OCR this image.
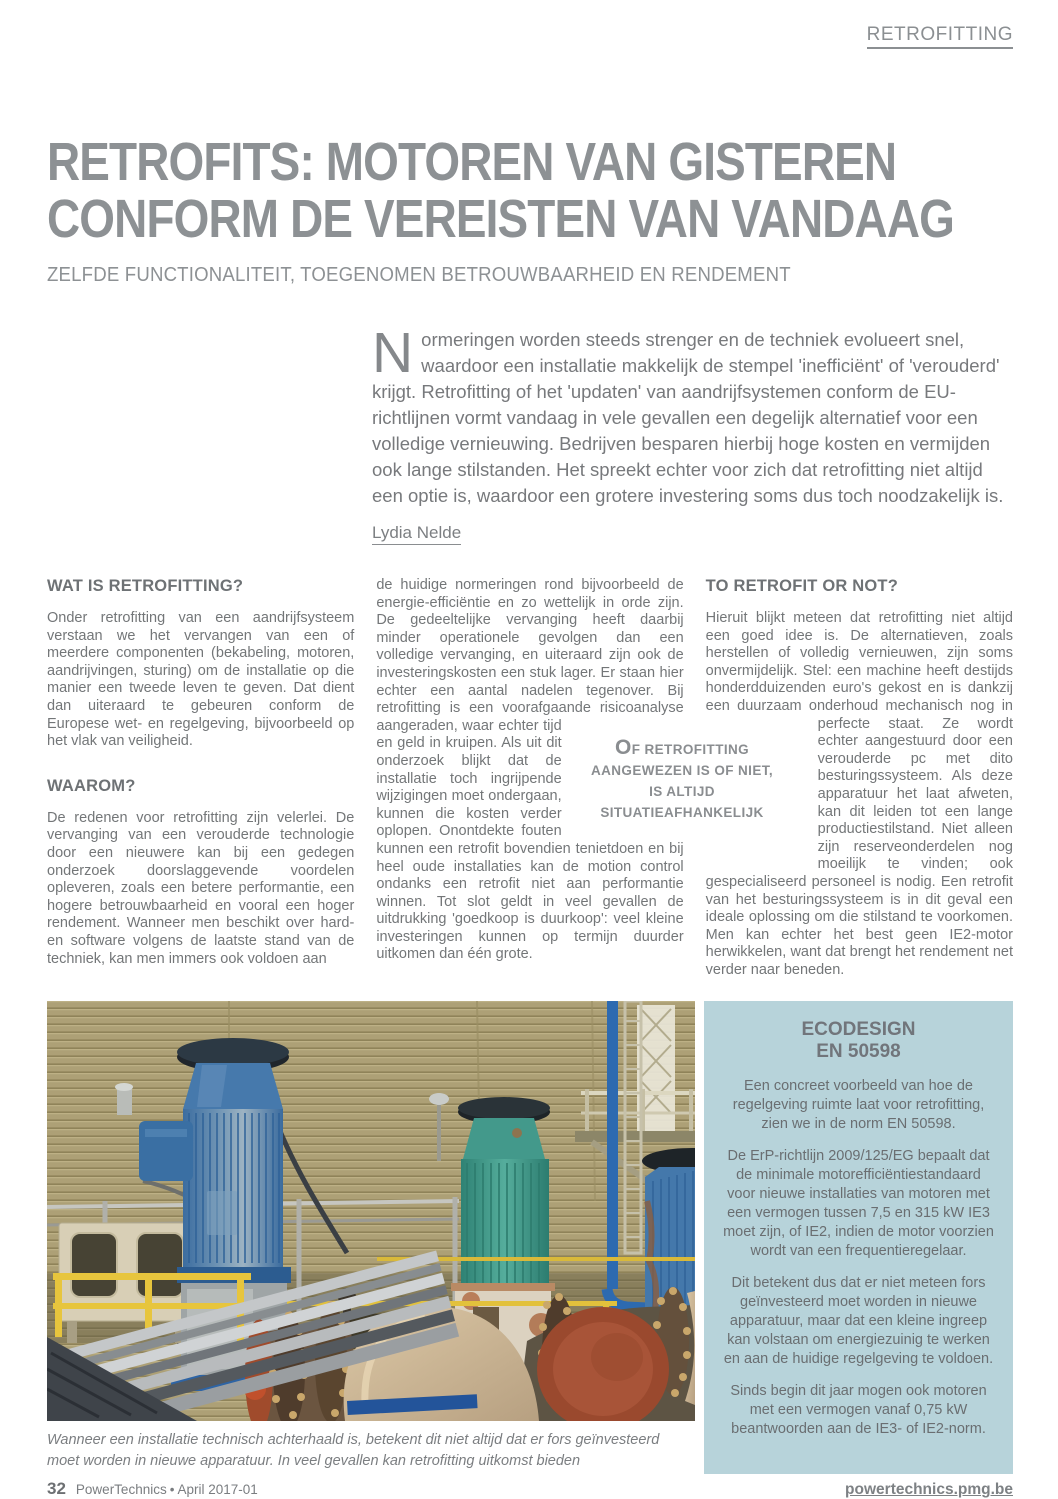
RETROFITTING
RETROFITS: MOTOREN VAN GISTEREN
CONFORM DE VEREISTEN VAN VANDAAG
ZELFDE FUNCTIONALITEIT, TOEGENOMEN BETROUWBAARHEID EN RENDEMENT
N ormeringen worden steeds strenger en de techniek evolueert snel, waardoor een installatie makkelijk de stempel 'inefficiënt' of 'verouderd' krijgt. Retrofitting of het 'updaten' van aandrijfsystemen conform de EU-richtlijnen vormt vandaag in vele gevallen een degelijk alternatief voor een volledige vernieuwing. Bedrijven besparen hierbij hoge kosten en vermijden ook lange stilstanden. Het spreekt echter voor zich dat retrofitting niet altijd een optie is, waardoor een grotere investering soms dus toch noodzakelijk is.
Lydia Nelde
WAT IS RETROFITTING?

Onder retrofitting van een aandrijfsysteem verstaan we het vervangen van een of meerdere componenten (bekabeling, motoren, aandrijvingen, sturing) om de installatie op die manier een tweede leven te geven. Dat dient dan uiteraard te gebeuren conform de Europese wet- en regelgeving, bijvoorbeeld op het vlak van veiligheid.

WAAROM?

De redenen voor retrofitting zijn velerlei. De vervanging van een verouderde technologie door een nieuwere kan bij een gedegen onderzoek doorslaggevende voordelen opleveren, zoals een betere performantie, een hogere betrouwbaarheid en vooral een hoger rendement. Wanneer men beschikt over hard- en software volgens de laatste stand van de techniek, kan men immers ook voldoen aan

de huidige normeringen rond bijvoorbeeld de energie-efficiëntie en zo wettelijk in orde zijn. De gedeeltelijke vervanging heeft daarbij minder operationele gevolgen dan een volledige vervanging, en uiteraard zijn ook de investeringskosten een stuk lager. Er staan hier echter een aantal nadelen tegenover. Bij retrofitting is een voorafgaande risicoanalyse
aangeraden, waar echter tijd en geld in kruipen. Als uit dit onderzoek blijkt dat de installatie toch ingrijpende wijzigingen moet ondergaan, kunnen die kosten verder oplopen. Onontdekte fouten kunnen een retrofit bovendien tenietdoen en bij heel oude installaties kan de motion control ondanks een retrofit niet aan performantie winnen. Tot slot geldt in veel gevallen de uitdrukking 'goedkoop is duurkoop': veel kleine investeringen kunnen op termijn duurder uitkomen dan één grote.

TO RETROFIT OR NOT?

Hieruit blijkt meteen dat retrofitting niet altijd een goed idee is. De alternatieven, zoals herstellen of volledig vernieuwen, zijn soms onvermijdelijk. Stel: een machine heeft destijds honderdduizenden euro's gekost en is dankzij een duurzaam onderhoud mechanisch nog in
perfecte staat. Ze wordt echter aangestuurd door een verouderde pc met dito besturingssysteem. Als deze apparatuur het laat afweten, kan dit leiden tot een lange productiestilstand. Niet alleen zijn reserveonderdelen nog moeilijk te vinden; ook gespecialiseerd personeel is nodig. Een retrofit van het besturingssysteem is in dit geval een ideale oplossing om die stilstand te voorkomen. Men kan echter het best geen IE2-motor herwikkelen, want dat brengt het rendement net verder naar beneden.

OF RETROFITTING
AANGEWEZEN IS OF NIET,
IS ALTIJD
SITUATIEAFHANKELIJK
Wanneer een installatie technisch achterhaald is, betekent dit niet altijd dat er fors geïnvesteerd moet worden in nieuwe apparatuur. In veel gevallen kan retrofitting uitkomst bieden
ECODESIGN
EN 50598

Een concreet voorbeeld van hoe de regelgeving ruimte laat voor retrofitting, zien we in de norm EN 50598.

De ErP-richtlijn 2009/125/EG bepaalt dat de minimale motorefficiëntiestandaard voor nieuwe installaties van motoren met een vermogen tussen 7,5 en 315 kW IE3 moet zijn, of IE2, indien de motor voorzien wordt van een frequentieregelaar.

Dit betekent dus dat er niet meteen fors geïnvesteerd moet worden in nieuwe apparatuur, maar dat een kleine ingreep kan volstaan om energiezuinig te werken en aan de huidige regelgeving te voldoen.

Sinds begin dit jaar mogen ook motoren met een vermogen vanaf 0,75 kW beantwoorden aan de IE3- of IE2-norm.

32 PowerTechnics • April 2017-01	powertechnics.pmg.be
